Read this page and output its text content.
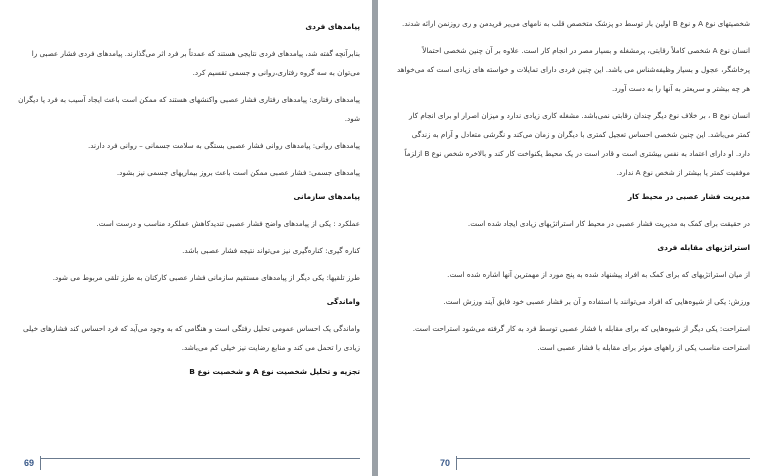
پیامدهای فردی
بنابرآنچه گفته شد، پیامدهای فردی نتایجی هستند که عمدتاً بر فرد اثر می‌گذارند. پیامدهای فردی فشار عصبی را می‌توان به سه گروه رفتاری،روانی و جسمی تقسیم کرد.
پیامدهای رفتاری: پیامدهای رفتاری فشار عصبی واکنشهای هستند که ممکن است باعث ایجاد آسیب به فرد یا دیگران شود.
پیامدهای روانی: پیامدهای روانی فشار عصبی بستگی به سلامت جسمانی – روانی فرد دارند.
پیامدهای جسمی: فشار عصبی ممکن است باعث بروز بیماریهای جسمی نیز بشود.
پیامدهای سازمانی
عملکرد : یکی از پیامدهای واضح فشار عصبی تندیدکاهش عملکرد مناسب و درست است.
کناره گیری: کناره‌گیری نیز می‌تواند نتیجه فشار عصبی باشد.
طرز تلقیها: یکی دیگر از پیامدهای مستقیم سازمانی فشار عصبی کارکنان به طرز تلقی مربوط می شود.
واماندگی
واماندگی یک احساس عمومی تحلیل رفتگی است و هنگامی که به وجود می‌آید که فرد احساس کند فشارهای خیلی زیادی را تحمل می کند و منابع رضایت نیز خیلی کم می‌باشد.
تجزیه و تحلیل شخصیت نوع A و شخصیت نوع B
69
شخصیتهای نوع A و نوع B اولین بار توسط دو پزشک متخصص قلب به نامهای می‌یر فریدمن و ری روزنمن ارائه شدند.
انسان نوع A شخصی کاملاً رقابتی، پرمشغله و بسیار مصر در انجام کار است. علاوه بر آن چنین شخصی احتمالاً پرخاشگر، عجول و بسیار وظیفه‌شناس می باشد. این چنین فردی دارای تمایلات و خواسته های زیادی است که می‌خواهد هر چه بیشتر و سریعتر به آنها را به دست آورد.
انسان نوع B ، بر خلاف نوع دیگر چندان رقابتی نمی‌باشد. مشغله کاری زیادی ندارد و میزان اصرار او برای انجام کار کمتر می‌باشد. این چنین شخصی احساس تعجیل کمتری با دیگران و زمان می‌کند و نگرشی متعادل و آرام به زندگی دارد. او دارای اعتماد به نفس بیشتری است و قادر است در یک محیط یکنواخت کار کند و بالاخره شخص نوع B ازلزماً موفقیت کمتر یا بیشتر از شخص نوع A ندارد.
مدیریت فشار عصبی در محیط کار
در حقیقت برای کمک به مدیریت فشار عصبی در محیط کار استراتژیهای زیادی ایجاد شده است.
استراتژیهای مقابله فردی
از میان استراتژیهای که برای کمک به افراد پیشنهاد شده به پنج مورد از مهمترین آنها اشاره شده است.
ورزش: یکی از شیوه‌هایی که افراد می‌توانند با استفاده و آن بر فشار عصبی خود فایق آیند ورزش است.
استراحت: یکی دیگر از شیوه‌هایی که برای مقابله با فشار عصبی توسط فرد به کار گرفته می‌شود استراحت است. استراحت مناسب یکی از راههای موثر برای مقابله با فشار عصبی است.
70
